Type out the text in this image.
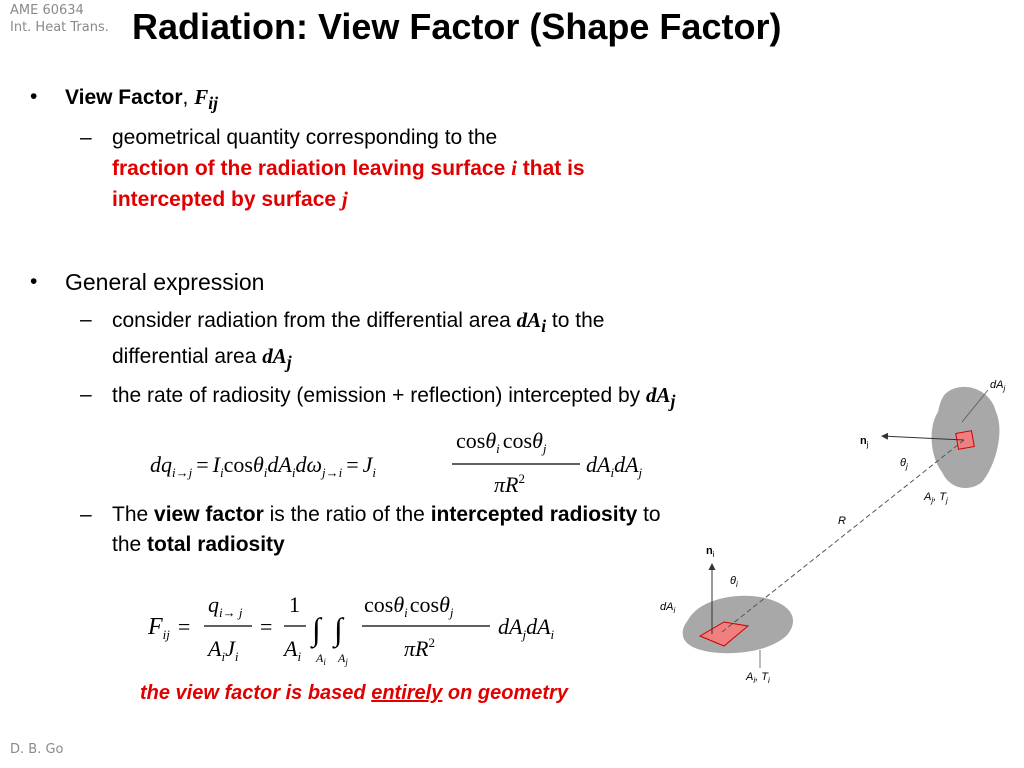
AME 60634
Int. Heat Trans. Radiation: View Factor (Shape Factor)
• View Factor, $F_{ij}$
– geometrical quantity corresponding to the
fraction of the radiation leaving surface i that is intercepted by surface j
• General expression
– consider radiation from the differential area $dA_i$ to the differential area $dA_j$
– the rate of radiosity (emission + reflection) intercepted by $dA_j$
– The view factor is the ratio of the intercepted radiosity to the total radiosity
$dq_{i\to j} = I_i\cos\theta_idA_id\omega_{j\to i} = J_i$
cosθ$_i$ cosθ$_j$
$\pi R^2$
$dA_idA_j$
$F_{ij}$ =
$q_{i\to j}$
$A_iJ_i$
=
1
$A_i$
∫ ∫
$A_i$ $A_j$
cosθ$_i$cosθ$_j$
$\pi R^2$
$dA_jdA_i$
the view factor is based entirely on geometry
$dA_j$
$n_j$
$\theta_j$
$A_j$, $T_j$
R
$n_i$
$\theta_i$
$dA_i$
$A_i$, $T_i$
D. B. Go
